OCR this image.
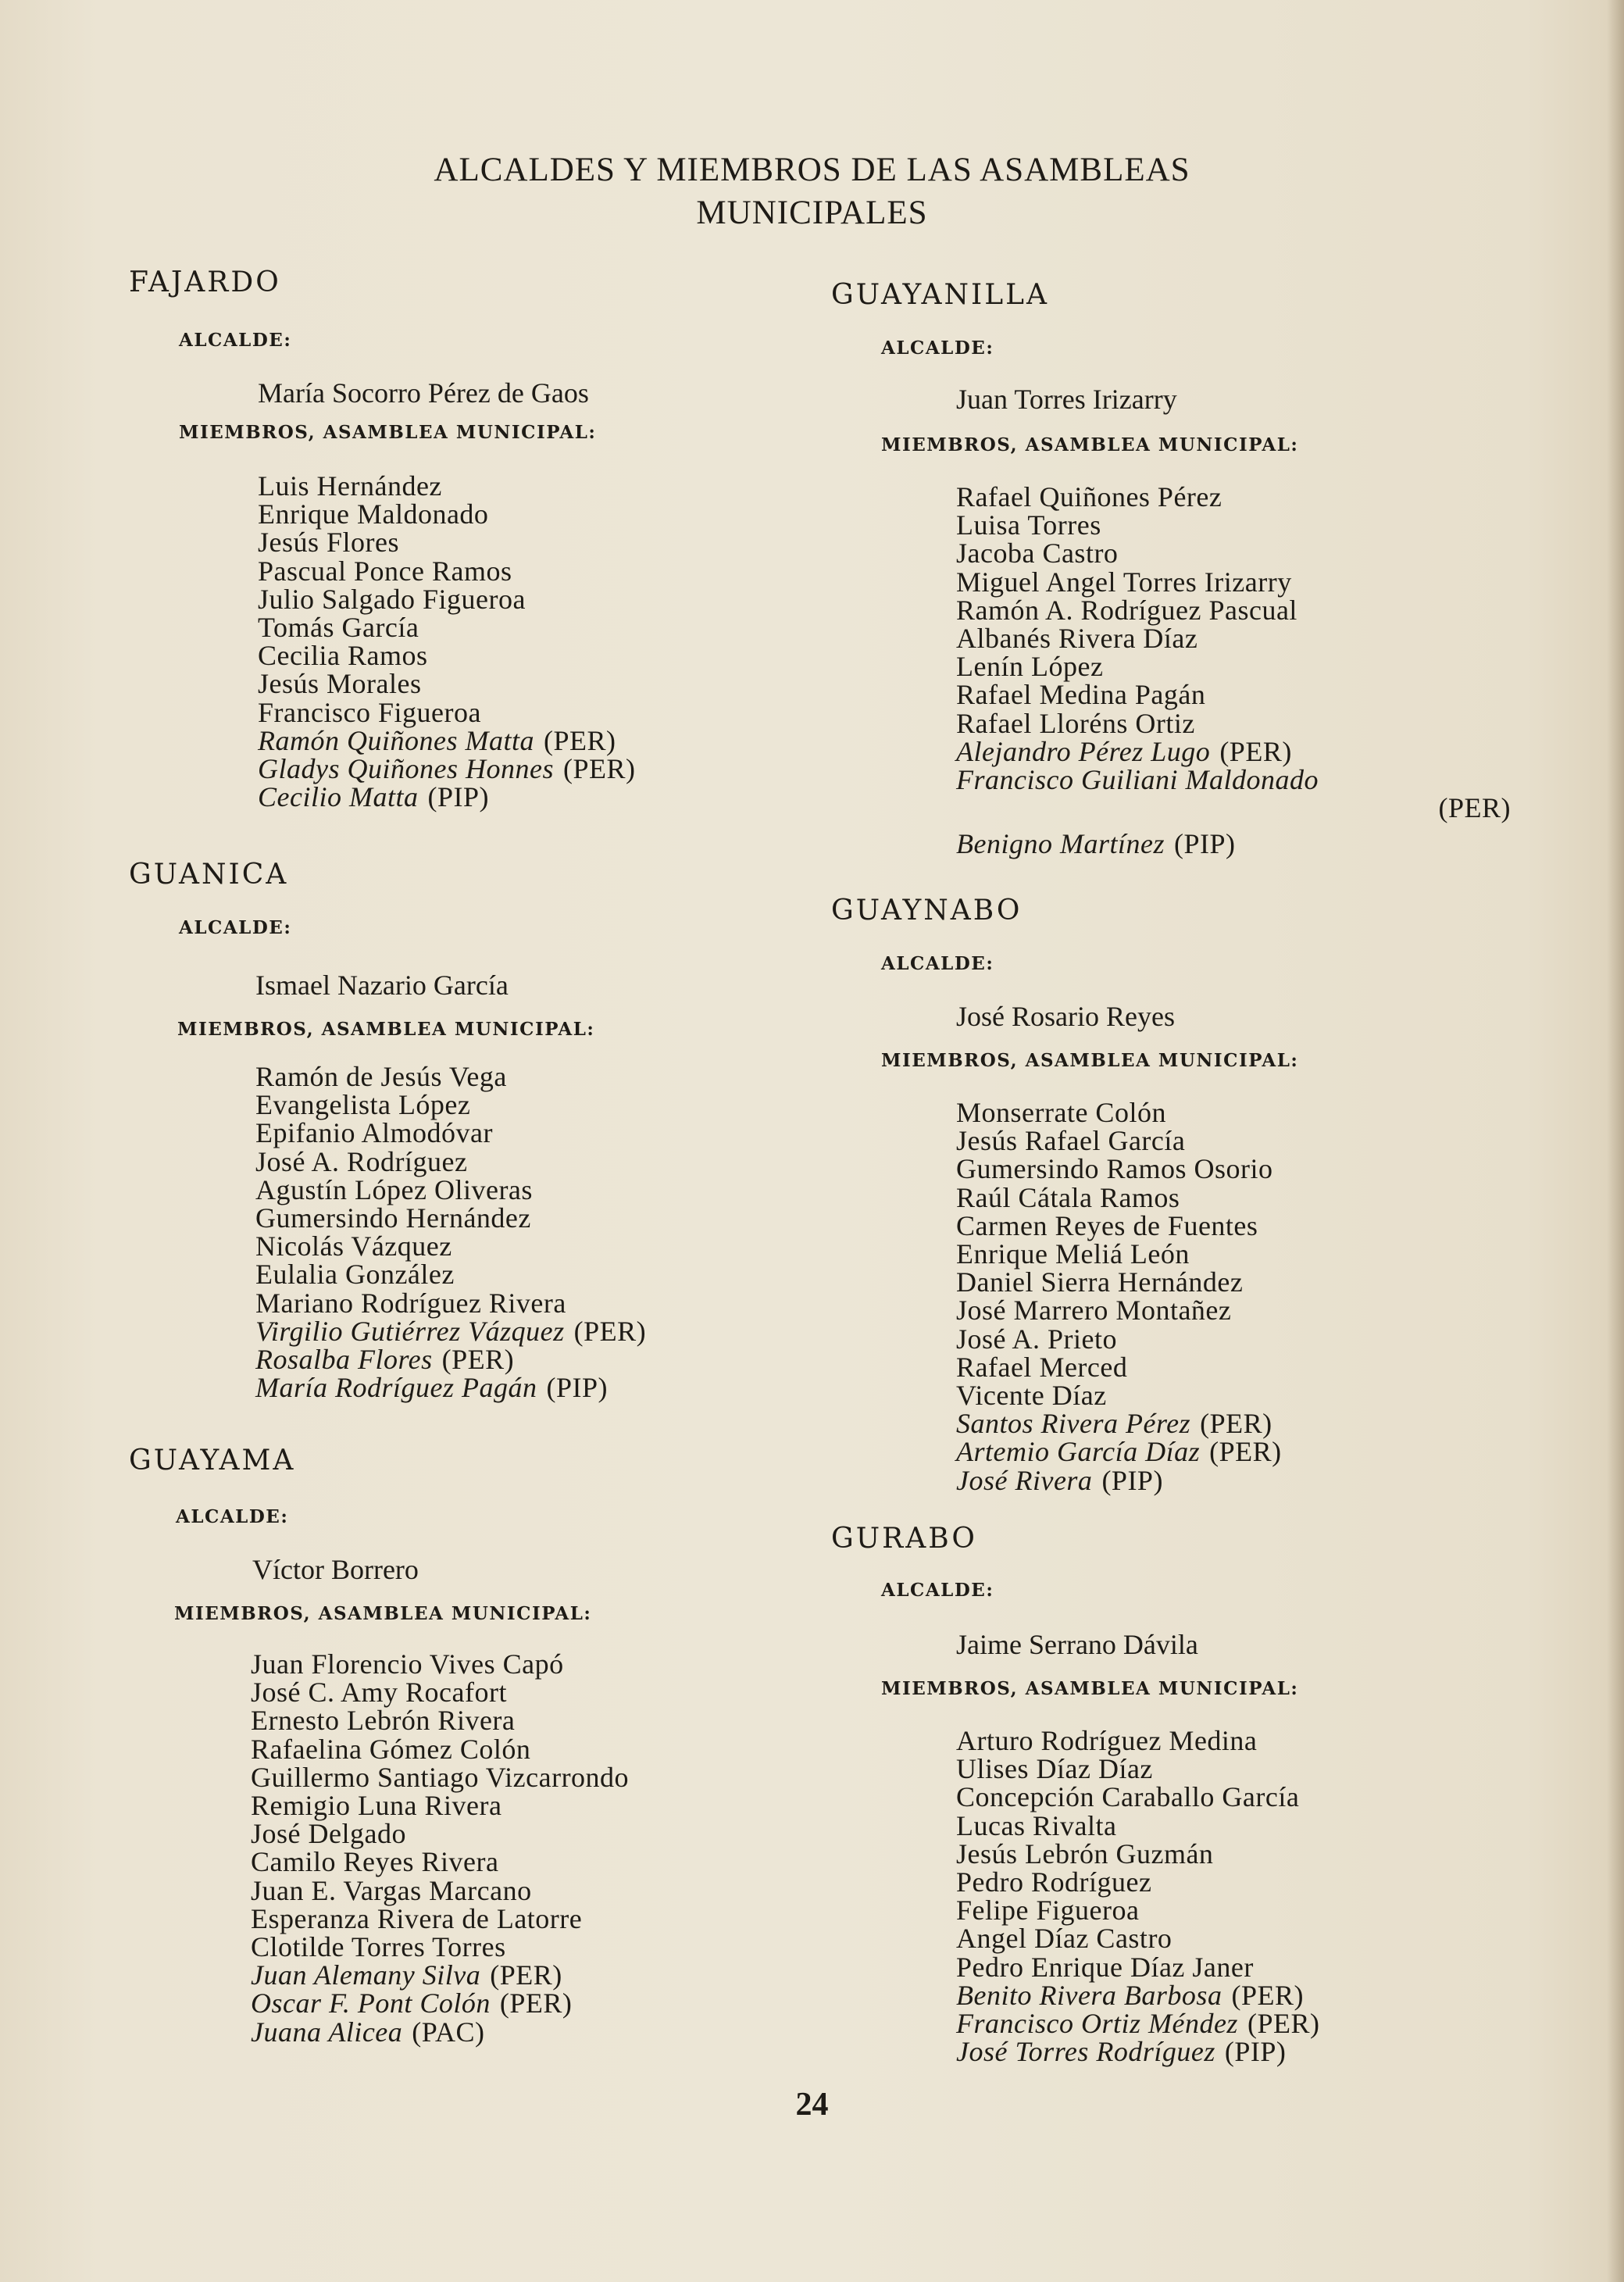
ALCALDES Y MIEMBROS DE LAS ASAMBLEAS
MUNICIPALES
FAJARDO
ALCALDE:
María Socorro Pérez de Gaos
MIEMBROS, ASAMBLEA MUNICIPAL:
Luis Hernández
Enrique Maldonado
Jesús Flores
Pascual Ponce Ramos
Julio Salgado Figueroa
Tomás García
Cecilia Ramos
Jesús Morales
Francisco Figueroa
Ramón Quiñones Matta (PER)
Gladys Quiñones Honnes (PER)
Cecilio Matta (PIP)
GUANICA
ALCALDE:
Ismael Nazario García
MIEMBROS, ASAMBLEA MUNICIPAL:
Ramón de Jesús Vega
Evangelista López
Epifanio Almodóvar
José A. Rodríguez
Agustín López Oliveras
Gumersindo Hernández
Nicolás Vázquez
Eulalia González
Mariano Rodríguez Rivera
Virgilio Gutiérrez Vázquez (PER)
Rosalba Flores (PER)
María Rodríguez Pagán (PIP)
GUAYAMA
ALCALDE:
Víctor Borrero
MIEMBROS, ASAMBLEA MUNICIPAL:
Juan Florencio Vives Capó
José C. Amy Rocafort
Ernesto Lebrón Rivera
Rafaelina Gómez Colón
Guillermo Santiago Vizcarrondo
Remigio Luna Rivera
José Delgado
Camilo Reyes Rivera
Juan E. Vargas Marcano
Esperanza Rivera de Latorre
Clotilde Torres Torres
Juan Alemany Silva (PER)
Oscar F. Pont Colón (PER)
Juana Alicea (PAC)
GUAYANILLA
ALCALDE:
Juan Torres Irizarry
MIEMBROS, ASAMBLEA MUNICIPAL:
Rafael Quiñones Pérez
Luisa Torres
Jacoba Castro
Miguel Angel Torres Irizarry
Ramón A. Rodríguez Pascual
Albanés Rivera Díaz
Lenín López
Rafael Medina Pagán
Rafael Lloréns Ortiz
Alejandro Pérez Lugo (PER)
Francisco Guiliani Maldonado
(PER)
Benigno Martínez (PIP)
GUAYNABO
ALCALDE:
José Rosario Reyes
MIEMBROS, ASAMBLEA MUNICIPAL:
Monserrate Colón
Jesús Rafael García
Gumersindo Ramos Osorio
Raúl Cátala Ramos
Carmen Reyes de Fuentes
Enrique Meliá León
Daniel Sierra Hernández
José Marrero Montañez
José A. Prieto
Rafael Merced
Vicente Díaz
Santos Rivera Pérez (PER)
Artemio García Díaz (PER)
José Rivera (PIP)
GURABO
ALCALDE:
Jaime Serrano Dávila
MIEMBROS, ASAMBLEA MUNICIPAL:
Arturo Rodríguez Medina
Ulises Díaz Díaz
Concepción Caraballo García
Lucas Rivalta
Jesús Lebrón Guzmán
Pedro Rodríguez
Felipe Figueroa
Angel Díaz Castro
Pedro Enrique Díaz Janer
Benito Rivera Barbosa (PER)
Francisco Ortiz Méndez (PER)
José Torres Rodríguez (PIP)
24
